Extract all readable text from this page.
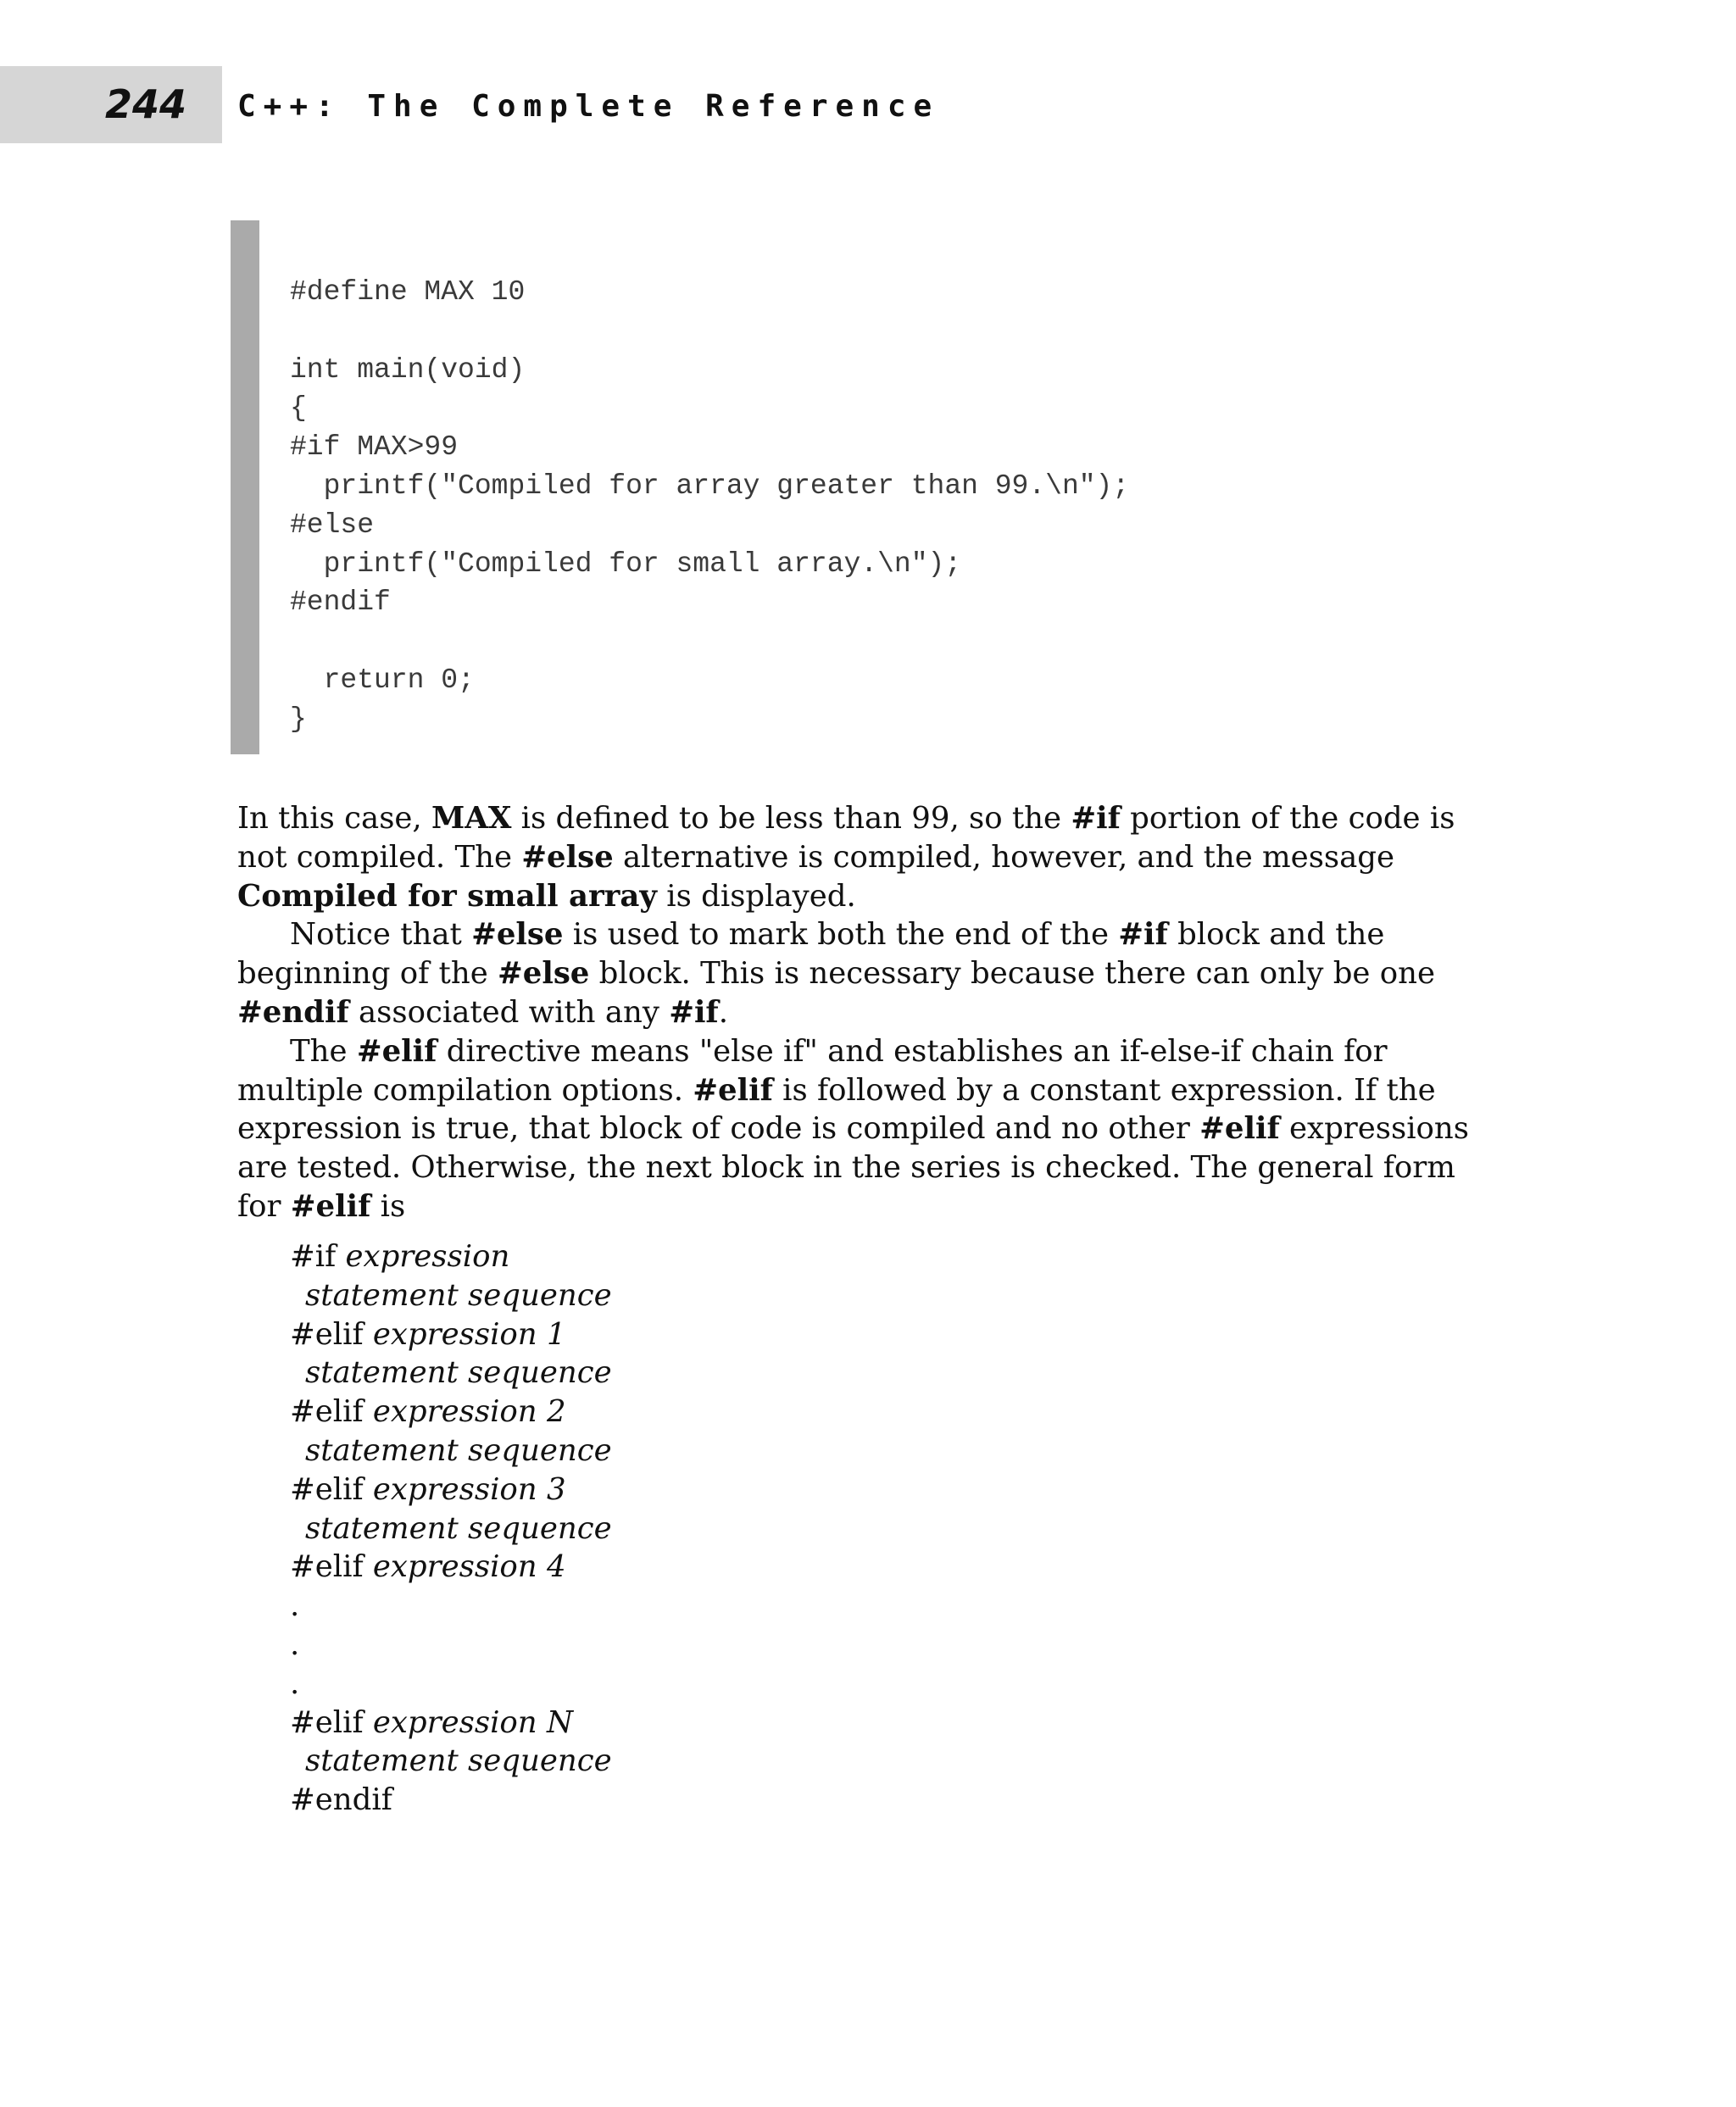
244 C++: The Complete Reference
#define MAX 10
int main(void)
{
#if MAX>99
printf("Compiled for array greater than 99.\n");
#else
printf("Compiled for small array.\n");
#endif
return 0;
}

In this case, MAX is defined to be less than 99, so the #if portion of the code is not compiled. The #else alternative is compiled, however, and the message Compiled for small array is displayed.

Notice that #else is used to mark both the end of the #if block and the beginning of the #else block. This is necessary because there can only be one #endif associated with any #if.

The #elif directive means "else if" and establishes an if-else-if chain for multiple compilation options. #elif is followed by a constant expression. If the expression is true, that block of code is compiled and no other #elif expressions are tested. Otherwise, the next block in the series is checked. The general form for #elif is

#if expression
statement sequence
#elif expression 1
statement sequence
#elif expression 2
statement sequence
#elif expression 3
statement sequence
#elif expression 4
.
.
.
#elif expression N
statement sequence
#endif
